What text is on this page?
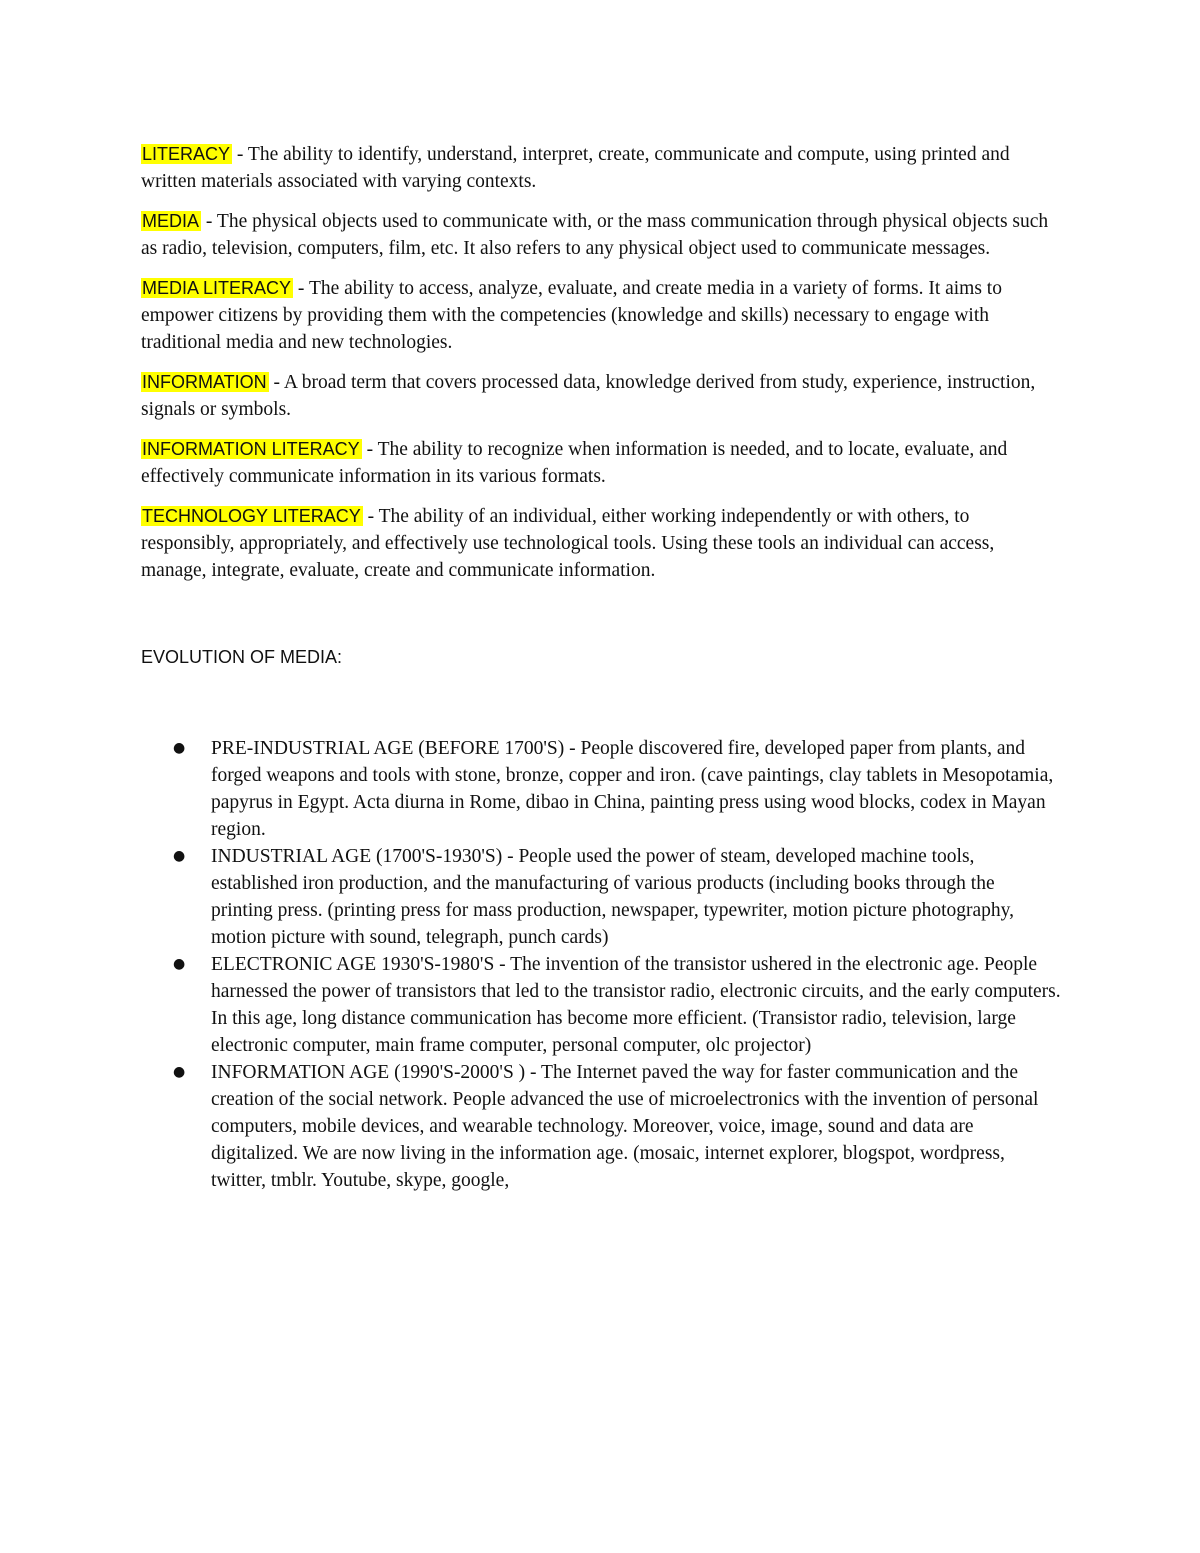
LITERACY - The ability to identify, understand, interpret, create, communicate and compute, using printed and written materials associated with varying contexts.

MEDIA - The physical objects used to communicate with, or the mass communication through physical objects such as radio, television, computers, film, etc. It also refers to any physical object used to communicate messages.

MEDIA LITERACY - The ability to access, analyze, evaluate, and create media in a variety of forms. It aims to empower citizens by providing them with the competencies (knowledge and skills) necessary to engage with traditional media and new technologies.

INFORMATION - A broad term that covers processed data, knowledge derived from study, experience, instruction, signals or symbols.

INFORMATION LITERACY - The ability to recognize when information is needed, and to locate, evaluate, and effectively communicate information in its various formats.

TECHNOLOGY LITERACY - The ability of an individual, either working independently or with others, to responsibly, appropriately, and effectively use technological tools. Using these tools an individual can access, manage, integrate, evaluate, create and communicate information.

EVOLUTION OF MEDIA:

● PRE-INDUSTRIAL AGE (BEFORE 1700'S) - People discovered fire, developed paper from plants, and forged weapons and tools with stone, bronze, copper and iron. (cave paintings, clay tablets in Mesopotamia, papyrus in Egypt. Acta diurna in Rome, dibao in China, painting press using wood blocks, codex in Mayan region.
● INDUSTRIAL AGE (1700'S-1930'S) - People used the power of steam, developed machine tools, established iron production, and the manufacturing of various products (including books through the printing press. (printing press for mass production, newspaper, typewriter, motion picture photography, motion picture with sound, telegraph, punch cards)
● ELECTRONIC AGE 1930'S-1980'S - The invention of the transistor ushered in the electronic age. People harnessed the power of transistors that led to the transistor radio, electronic circuits, and the early computers. In this age, long distance communication has become more efficient. (Transistor radio, television, large electronic computer, main frame computer, personal computer, olc projector)
● INFORMATION AGE (1990'S-2000'S ) - The Internet paved the way for faster communication and the creation of the social network. People advanced the use of microelectronics with the invention of personal computers, mobile devices, and wearable technology. Moreover, voice, image, sound and data are digitalized. We are now living in the information age. (mosaic, internet explorer, blogspot, wordpress, twitter, tmblr. Youtube, skype, google,
